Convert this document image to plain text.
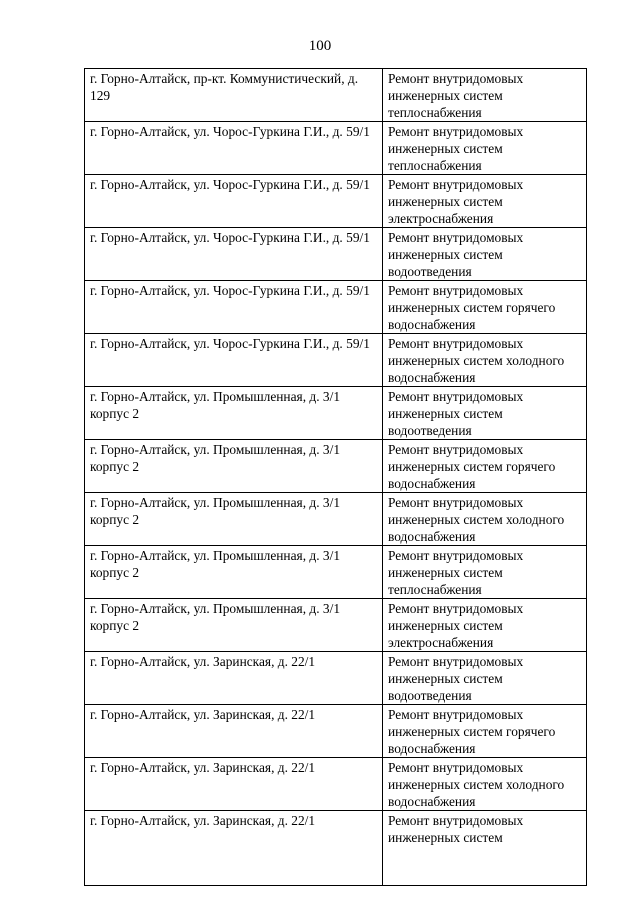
100
г. Горно-Алтайск, пр-кт. Коммунистический, д. 129	Ремонт внутридомовых инженерных систем теплоснабжения
г. Горно-Алтайск, ул. Чорос-Гуркина Г.И., д. 59/1	Ремонт внутридомовых инженерных систем теплоснабжения
г. Горно-Алтайск, ул. Чорос-Гуркина Г.И., д. 59/1	Ремонт внутридомовых инженерных систем электроснабжения
г. Горно-Алтайск, ул. Чорос-Гуркина Г.И., д. 59/1	Ремонт внутридомовых инженерных систем водоотведения
г. Горно-Алтайск, ул. Чорос-Гуркина Г.И., д. 59/1	Ремонт внутридомовых инженерных систем горячего водоснабжения
г. Горно-Алтайск, ул. Чорос-Гуркина Г.И., д. 59/1	Ремонт внутридомовых инженерных систем холодного водоснабжения
г. Горно-Алтайск, ул. Промышленная, д. 3/1 корпус 2	Ремонт внутридомовых инженерных систем водоотведения
г. Горно-Алтайск, ул. Промышленная, д. 3/1 корпус 2	Ремонт внутридомовых инженерных систем горячего водоснабжения
г. Горно-Алтайск, ул. Промышленная, д. 3/1 корпус 2	Ремонт внутридомовых инженерных систем холодного водоснабжения
г. Горно-Алтайск, ул. Промышленная, д. 3/1 корпус 2	Ремонт внутридомовых инженерных систем теплоснабжения
г. Горно-Алтайск, ул. Промышленная, д. 3/1 корпус 2	Ремонт внутридомовых инженерных систем электроснабжения
г. Горно-Алтайск, ул. Заринская, д. 22/1	Ремонт внутридомовых инженерных систем водоотведения
г. Горно-Алтайск, ул. Заринская, д. 22/1	Ремонт внутридомовых инженерных систем горячего водоснабжения
г. Горно-Алтайск, ул. Заринская, д. 22/1	Ремонт внутридомовых инженерных систем холодного водоснабжения
г. Горно-Алтайск, ул. Заринская, д. 22/1	Ремонт внутридомовых инженерных систем
